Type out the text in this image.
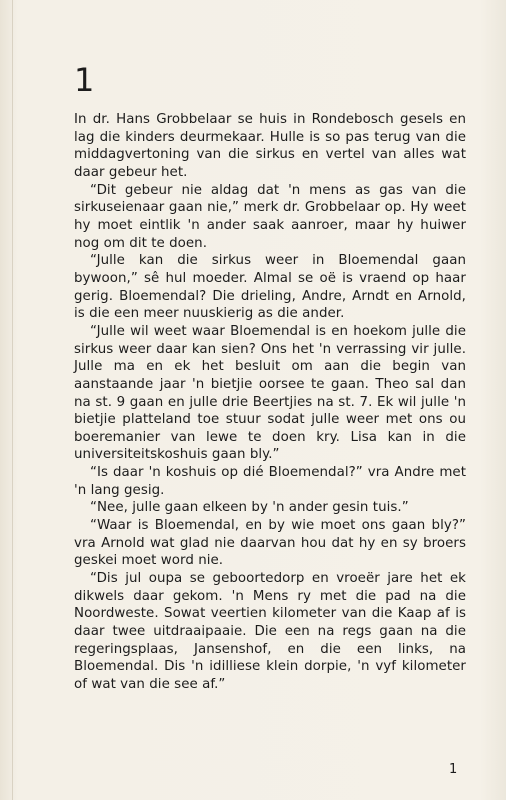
1

In dr. Hans Grobbelaar se huis in Rondebosch gesels en lag die kinders deurmekaar. Hulle is so pas terug van die middagvertoning van die sirkus en vertel van alles wat daar gebeur het.

“Dit gebeur nie aldag dat 'n mens as gas van die sirkuseienaar gaan nie,” merk dr. Grobbelaar op. Hy weet hy moet eintlik 'n ander saak aanroer, maar hy huiwer nog om dit te doen.

“Julle kan die sirkus weer in Bloemendal gaan bywoon,” sê hul moeder. Almal se oë is vraend op haar gerig. Bloemendal? Die drieling, Andre, Arndt en Arnold, is die een meer nuuskierig as die ander.

“Julle wil weet waar Bloemendal is en hoekom julle die sirkus weer daar kan sien? Ons het 'n verrassing vir julle. Julle ma en ek het besluit om aan die begin van aanstaande jaar 'n bietjie oorsee te gaan. Theo sal dan na st. 9 gaan en julle drie Beertjies na st. 7. Ek wil julle 'n bietjie platteland toe stuur sodat julle weer met ons ou boeremanier van lewe te doen kry. Lisa kan in die universiteitskoshuis gaan bly.”

“Is daar 'n koshuis op dié Bloemendal?” vra Andre met 'n lang gesig.

“Nee, julle gaan elkeen by 'n ander gesin tuis.”

“Waar is Bloemendal, en by wie moet ons gaan bly?” vra Arnold wat glad nie daarvan hou dat hy en sy broers geskei moet word nie.

“Dis jul oupa se geboortedorp en vroeër jare het ek dikwels daar gekom. 'n Mens ry met die pad na die Noordweste. Sowat veertien kilometer van die Kaap af is daar twee uitdraaipaaie. Die een na regs gaan na die regeringsplaas, Jansenshof, en die een links, na Bloemendal. Dis 'n idilliese klein dorpie, 'n vyf kilometer of wat van die see af.”

1
